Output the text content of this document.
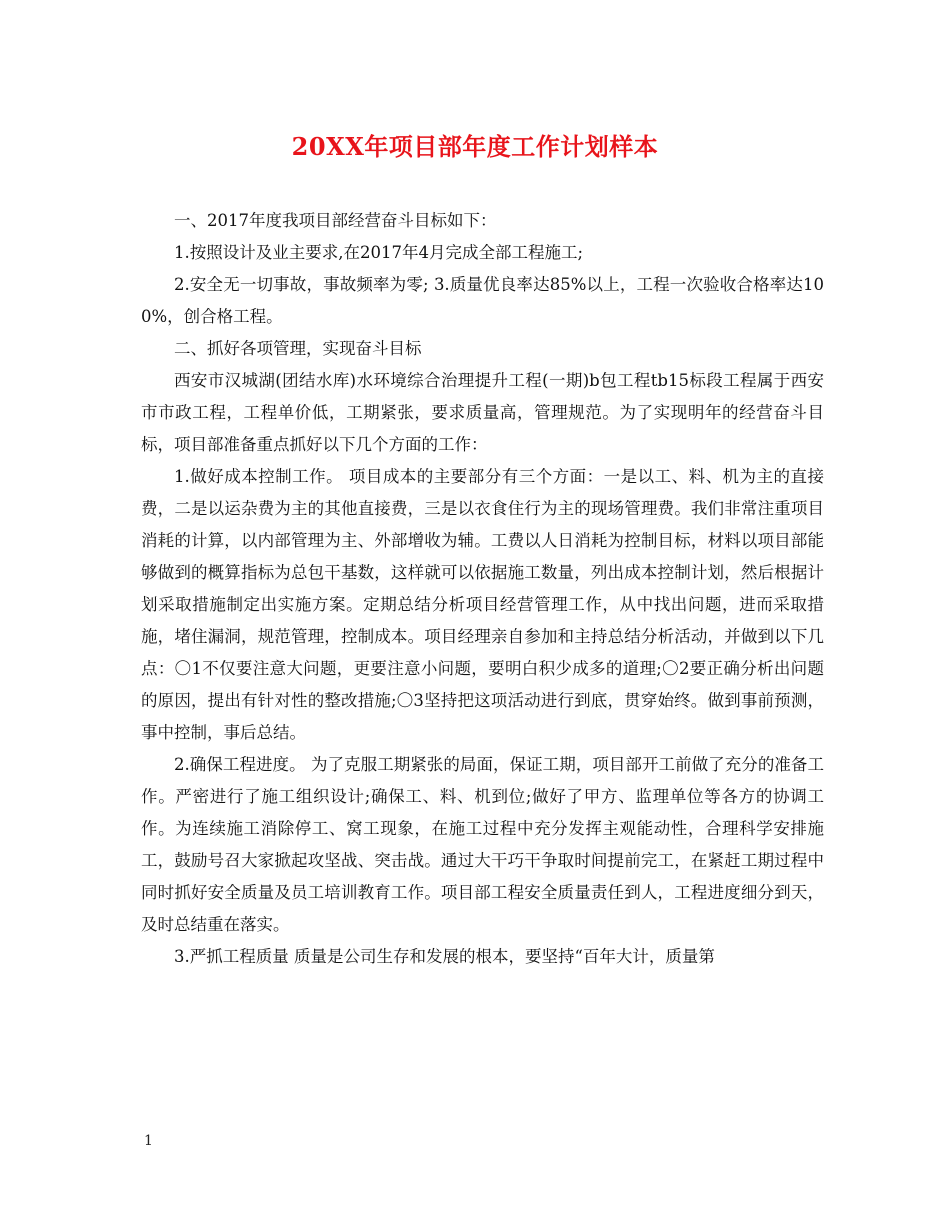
20XX年项目部年度工作计划样本

一、2017年度我项目部经营奋斗目标如下：

1.按照设计及业主要求,在2017年4月完成全部工程施工;

2.安全无一切事故，事故频率为零; 3.质量优良率达85%以上，工程一次验收合格率达100%，创合格工程。

二、抓好各项管理，实现奋斗目标

西安市汉城湖(团结水库)水环境综合治理提升工程(一期)b包工程tb15标段工程属于西安市市政工程，工程单价低，工期紧张，要求质量高，管理规范。为了实现明年的经营奋斗目标，项目部准备重点抓好以下几个方面的工作：

1.做好成本控制工作。 项目成本的主要部分有三个方面：一是以工、料、机为主的直接费，二是以运杂费为主的其他直接费，三是以衣食住行为主的现场管理费。我们非常注重项目消耗的计算，以内部管理为主、外部增收为辅。工费以人日消耗为控制目标，材料以项目部能够做到的概算指标为总包干基数，这样就可以依据施工数量，列出成本控制计划，然后根据计划采取措施制定出实施方案。定期总结分析项目经营管理工作，从中找出问题，进而采取措施，堵住漏洞，规范管理，控制成本。项目经理亲自参加和主持总结分析活动，并做到以下几点：〇1不仅要注意大问题，更要注意小问题，要明白积少成多的道理;〇2要正确分析出问题的原因，提出有针对性的整改措施;〇3坚持把这项活动进行到底，贯穿始终。做到事前预测，事中控制，事后总结。

2.确保工程进度。 为了克服工期紧张的局面，保证工期，项目部开工前做了充分的准备工作。严密进行了施工组织设计;确保工、料、机到位;做好了甲方、监理单位等各方的协调工作。为连续施工消除停工、窝工现象，在施工过程中充分发挥主观能动性，合理科学安排施工，鼓励号召大家掀起攻坚战、突击战。通过大干巧干争取时间提前完工，在紧赶工期过程中同时抓好安全质量及员工培训教育工作。项目部工程安全质量责任到人，工程进度细分到天，及时总结重在落实。

3.严抓工程质量 质量是公司生存和发展的根本，要坚持“百年大计，质量第

1
